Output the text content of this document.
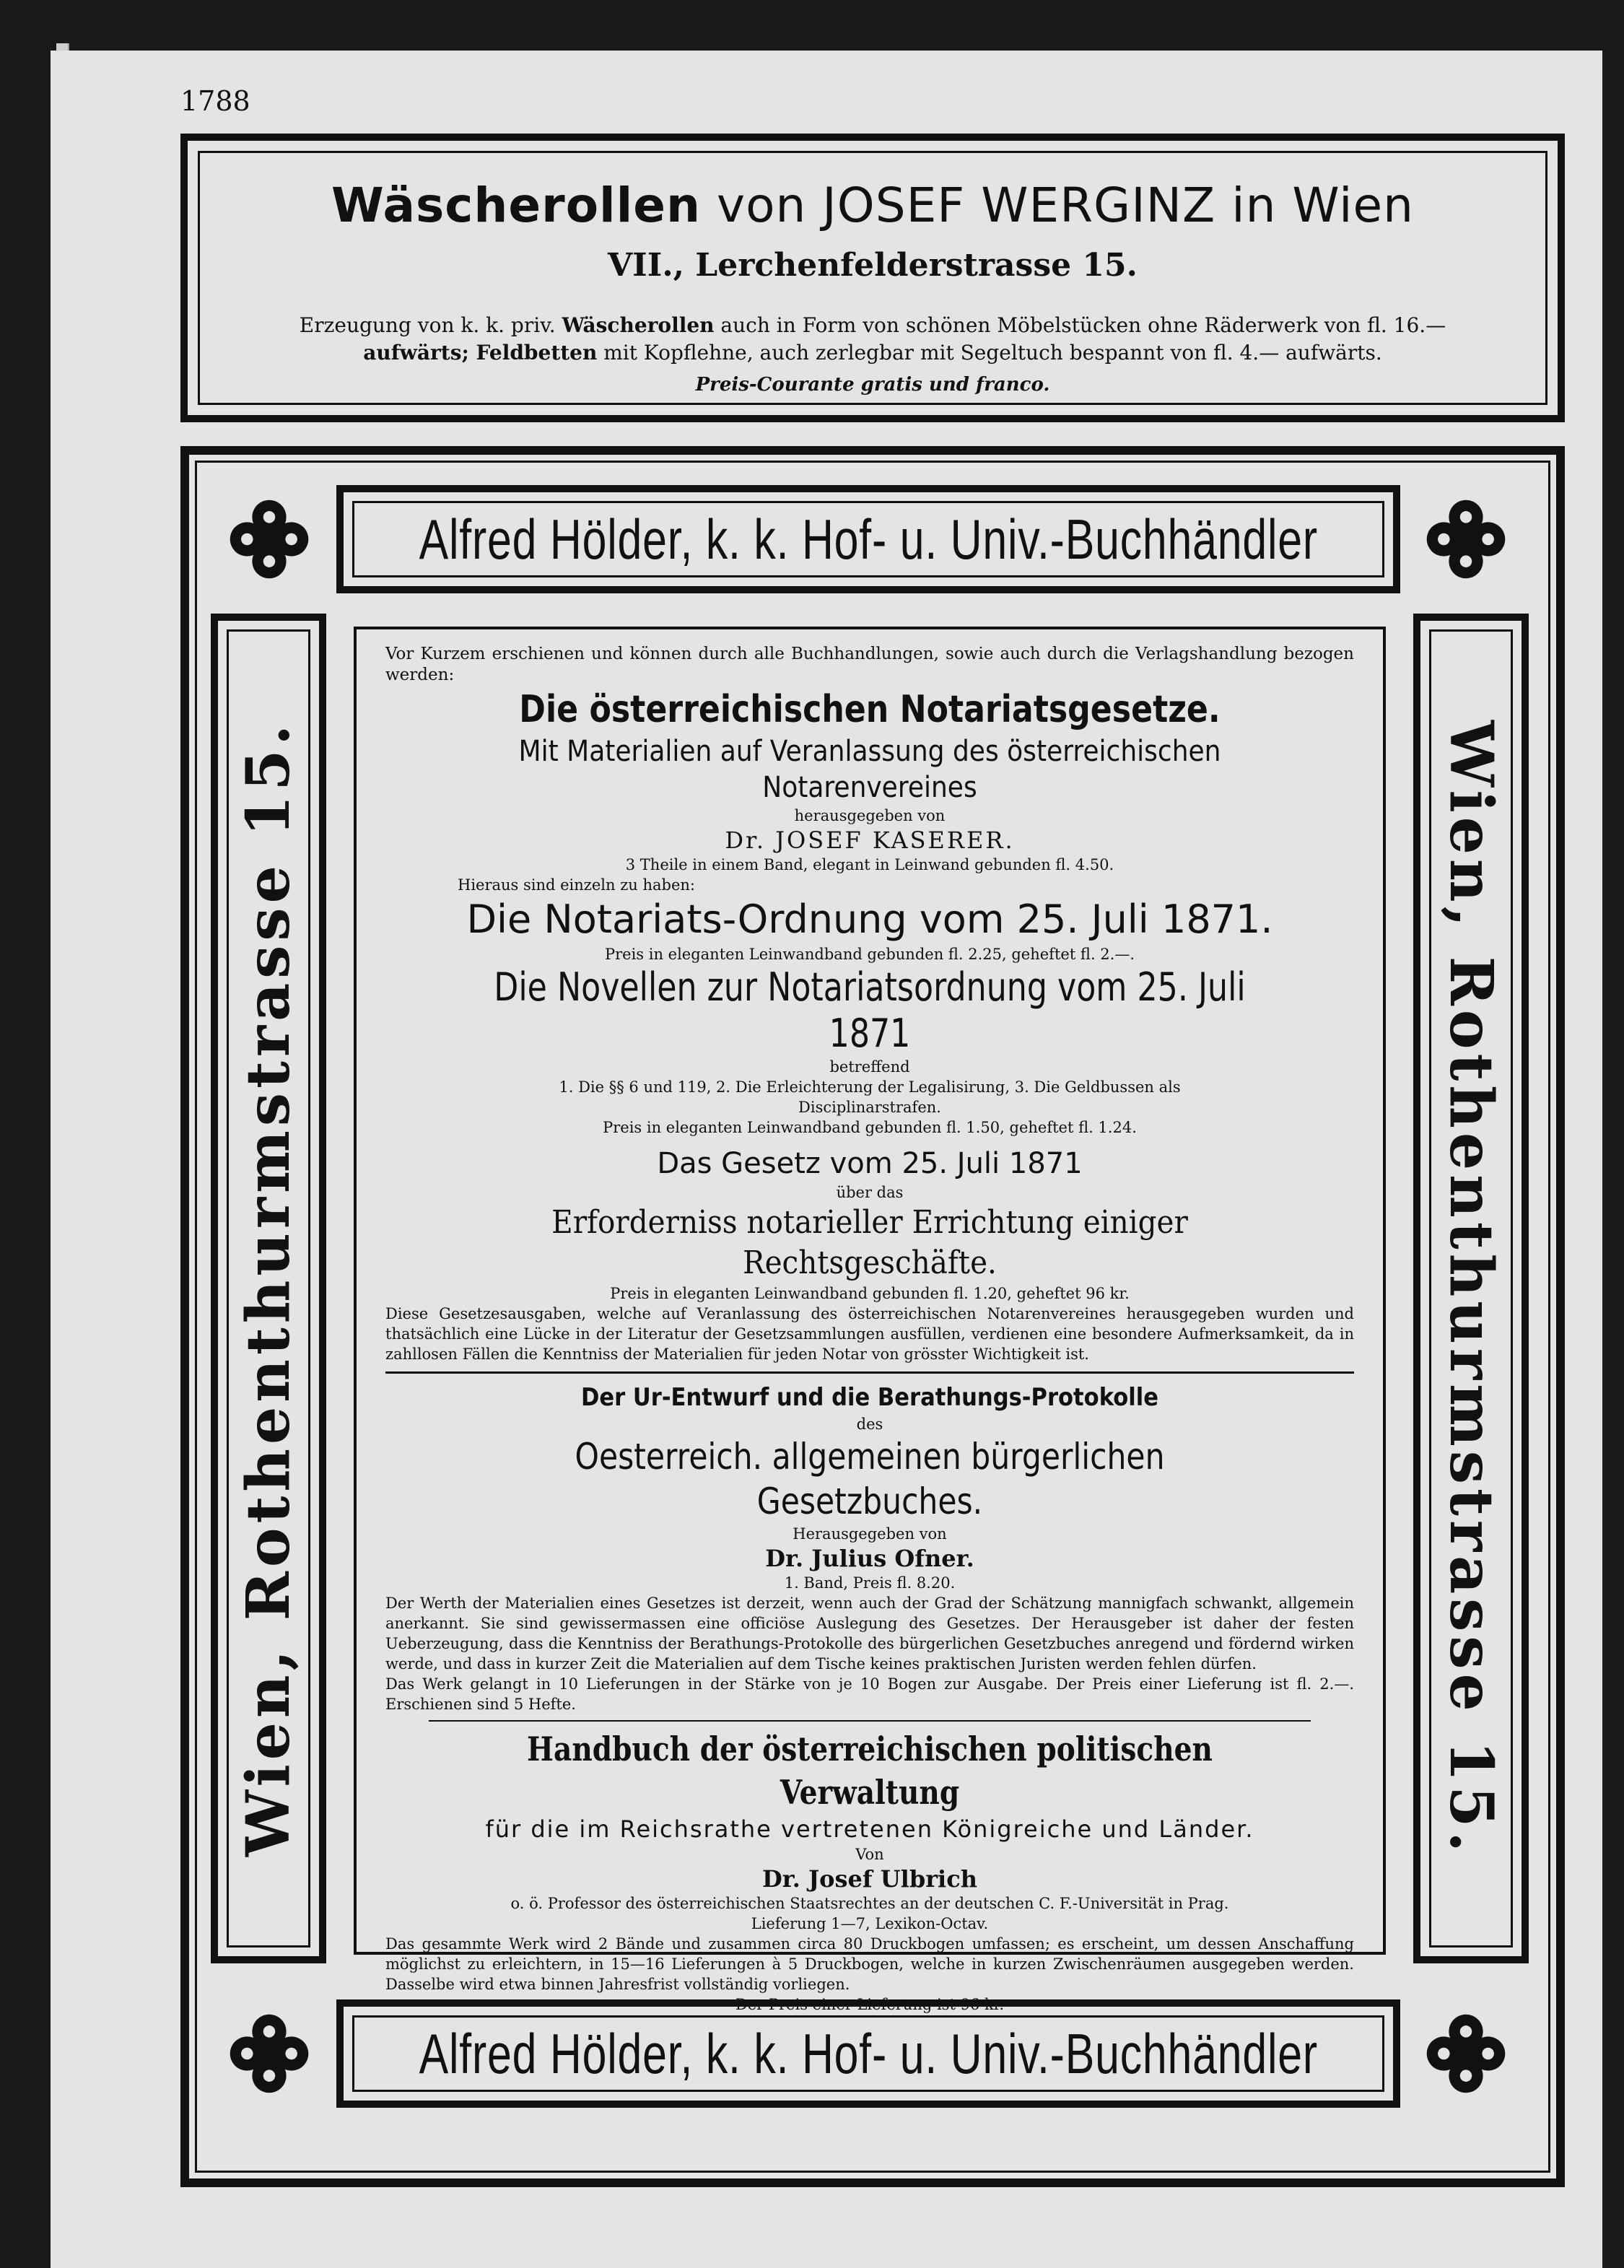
1788
Wäscherollen von JOSEF WERGINZ in Wien
VII., Lerchenfelderstrasse 15.
Erzeugung von k. k. priv. Wäscherollen auch in Form von schönen Möbelstücken ohne Räderwerk von fl. 16.—
aufwärts; Feldbetten mit Kopflehne, auch zerlegbar mit Segeltuch bespannt von fl. 4.— aufwärts.
Preis-Courante gratis und franco.
Alfred Hölder, k. k. Hof- u. Univ.-Buchhändler
Alfred Hölder, k. k. Hof- u. Univ.-Buchhändler
Wien, Rothenthurmstrasse 15.	Wien, Rothenthurmstrasse 15.
Vor Kurzem erschienen und können durch alle Buchhandlungen, sowie auch durch die Verlagshandlung bezogen werden:
Die österreichischen Notariatsgesetze.
Mit Materialien auf Veranlassung des österreichischen Notarenvereines
herausgegeben von
Dr. JOSEF KASERER.
3 Theile in einem Band, elegant in Leinwand gebunden fl. 4.50.
Hieraus sind einzeln zu haben:
Die Notariats-Ordnung vom 25. Juli 1871.
Preis in eleganten Leinwandband gebunden fl. 2.25, geheftet fl. 2.—.
Die Novellen zur Notariatsordnung vom 25. Juli 1871
betreffend
1. Die §§ 6 und 119, 2. Die Erleichterung der Legalisirung, 3. Die Geldbussen als
Disciplinarstrafen.
Preis in eleganten Leinwandband gebunden fl. 1.50, geheftet fl. 1.24.
Das Gesetz vom 25. Juli 1871
über das
Erforderniss notarieller Errichtung einiger Rechtsgeschäfte.
Preis in eleganten Leinwandband gebunden fl. 1.20, geheftet 96 kr.
Diese Gesetzesausgaben, welche auf Veranlassung des österreichischen Notarenvereines herausgegeben wurden und thatsächlich eine Lücke in der Literatur der Gesetzsammlungen ausfüllen, verdienen eine besondere Aufmerksamkeit, da in zahllosen Fällen die Kenntniss der Materialien für jeden Notar von grösster Wichtigkeit ist.
Der Ur-Entwurf und die Berathungs-Protokolle
des
Oesterreich. allgemeinen bürgerlichen Gesetzbuches.
Herausgegeben von
Dr. Julius Ofner.
1. Band, Preis fl. 8.20.
Der Werth der Materialien eines Gesetzes ist derzeit, wenn auch der Grad der Schätzung mannigfach schwankt, allgemein anerkannt. Sie sind gewissermassen eine officiöse Auslegung des Gesetzes. Der Herausgeber ist daher der festen Ueberzeugung, dass die Kenntniss der Berathungs-Protokolle des bürgerlichen Gesetzbuches anregend und fördernd wirken werde, und dass in kurzer Zeit die Materialien auf dem Tische keines praktischen Juristen werden fehlen dürfen.
Das Werk gelangt in 10 Lieferungen in der Stärke von je 10 Bogen zur Ausgabe. Der Preis einer Lieferung ist fl. 2.—. Erschienen sind 5 Hefte.
Handbuch der österreichischen politischen Verwaltung
für die im Reichsrathe vertretenen Königreiche und Länder.
Von
Dr. Josef Ulbrich
o. ö. Professor des österreichischen Staatsrechtes an der deutschen C. F.-Universität in Prag.
Lieferung 1—7, Lexikon-Octav.
Das gesammte Werk wird 2 Bände und zusammen circa 80 Druckbogen umfassen; es erscheint, um dessen Anschaffung möglichst zu erleichtern, in 15—16 Lieferungen à 5 Druckbogen, welche in kurzen Zwischenräumen ausgegeben werden. Dasselbe wird etwa binnen Jahresfrist vollständig vorliegen.
Der Preis einer Lieferung ist 96 kr.
